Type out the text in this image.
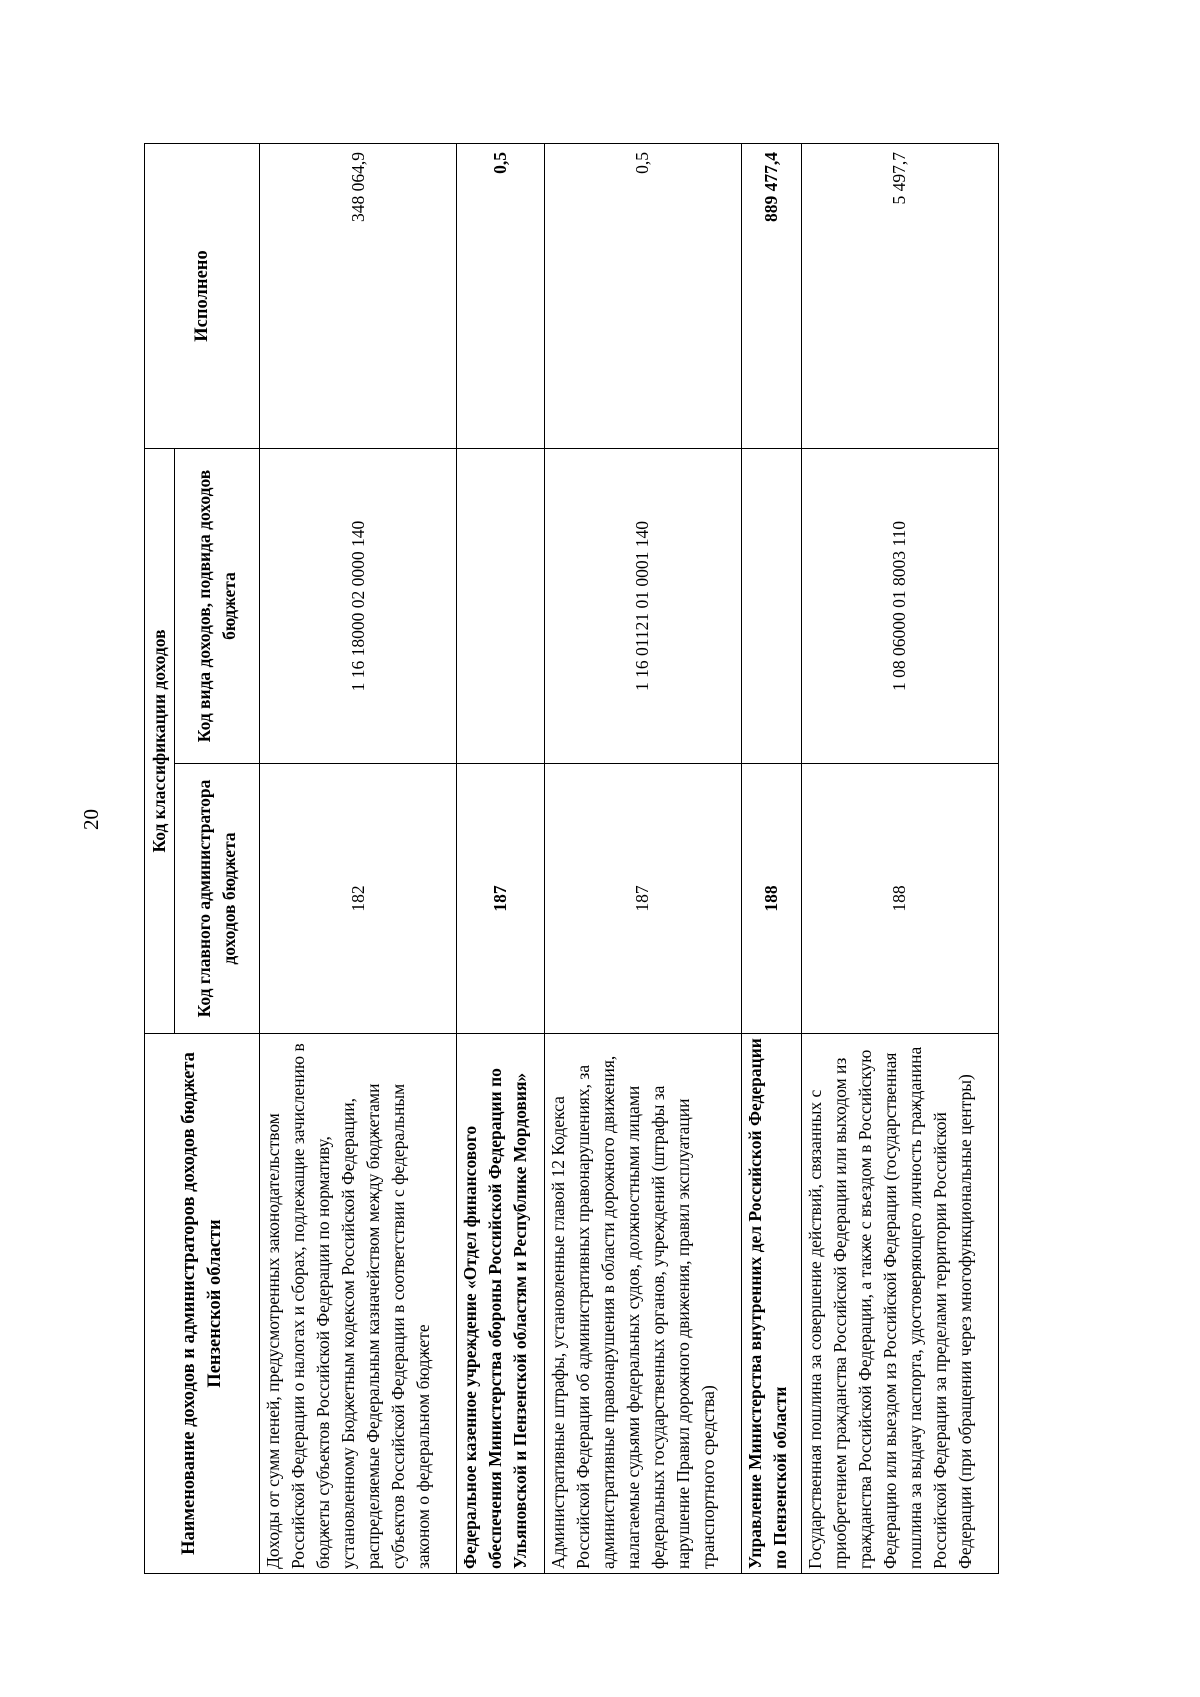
20
Наименование доходов и администраторов доходов бюджета Пензенской области	Код классификации доходов		Исполнено
	Код главного администратора доходов бюджета	Код вида доходов, подвида доходов бюджета	
Доходы от сумм пеней, предусмотренных законодательством Российской Федерации о налогах и сборах, подлежащие зачислению в бюджеты субъектов Российской Федерации по нормативу, установленному Бюджетным кодексом Российской Федерации, распределяемые Федеральным казначейством между бюджетами субъектов Российской Федерации в соответствии с федеральным законом о федеральном бюджете	182	1 16 18000 02 0000 140	348 064,9
Федеральное казенное учреждение «Отдел финансового обеспечения Министерства обороны Российской Федерации по Ульяновской и Пензенской областям и Республике Мордовия»	187		0,5
Административные штрафы, установленные главой 12 Кодекса Российской Федерации об административных правонарушениях, за административные правонарушения в области дорожного движения, налагаемые судьями федеральных судов, должностными лицами федеральных государственных органов, учреждений (штрафы за нарушение Правил дорожного движения, правил эксплуатации транспортного средства)	187	1 16 01121 01 0001 140	0,5
Управление Министерства внутренних дел Российской Федерации по Пензенской области	188		889 477,4
Государственная пошлина за совершение действий, связанных с приобретением гражданства Российской Федерации или выходом из гражданства Российской Федерации, а также с въездом в Российскую Федерацию или выездом из Российской Федерации (государственная пошлина за выдачу паспорта, удостоверяющего личность гражданина Российской Федерации за пределами территории Российской Федерации (при обращении через многофункциональные центры)	188	1 08 06000 01 8003 110	5 497,7
